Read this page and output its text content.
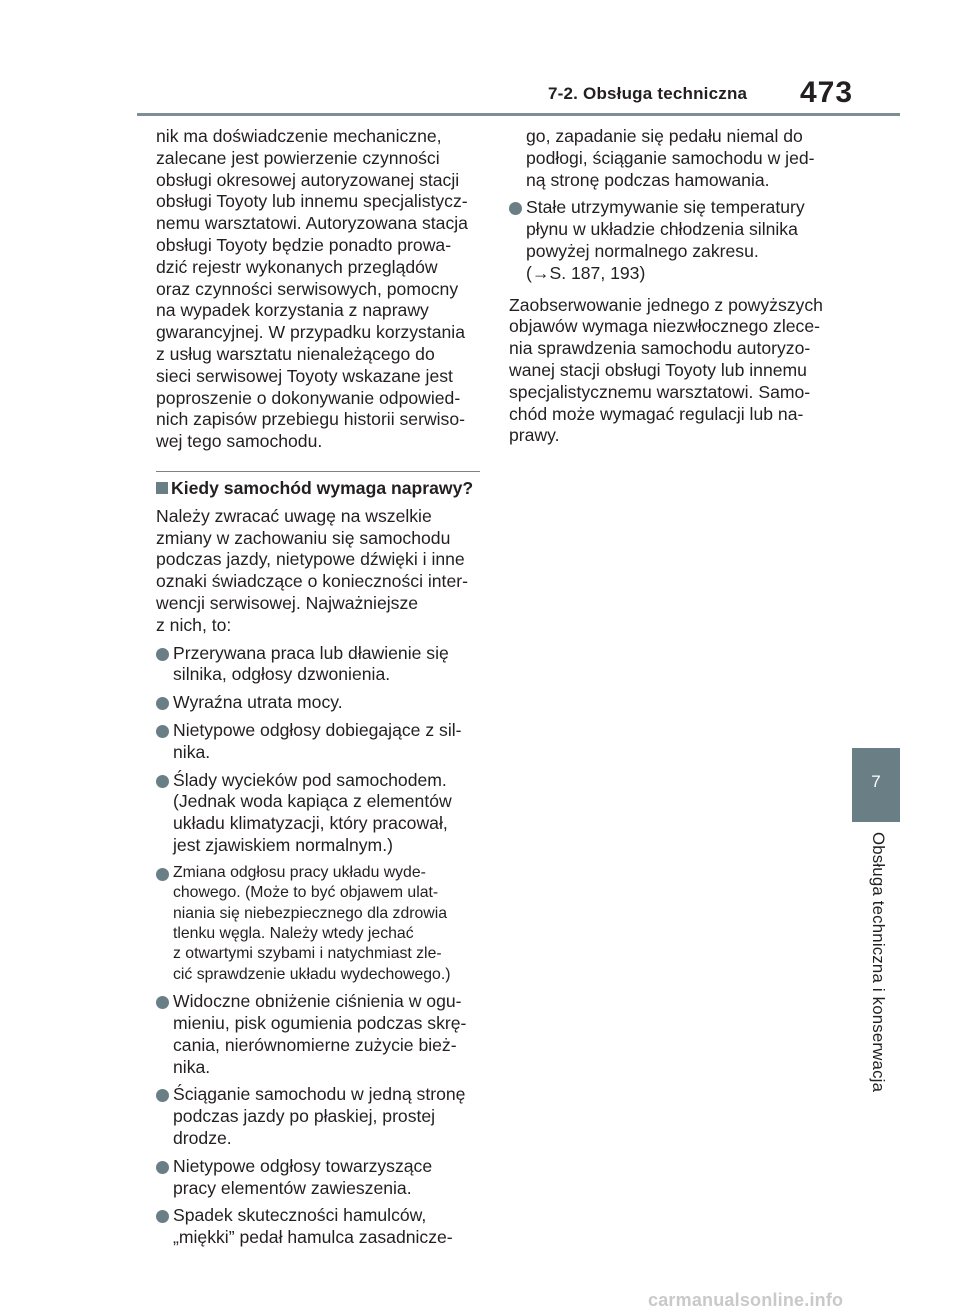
7-2. Obsługa techniczna 473
nik ma doświadczenie mechaniczne,
zalecane jest powierzenie czynności
obsługi okresowej autoryzowanej stacji
obsługi Toyoty lub innemu specjalistycz-
nemu warsztatowi. Autoryzowana stacja
obsługi Toyoty będzie ponadto prowa-
dzić rejestr wykonanych przeglądów
oraz czynności serwisowych, pomocny
na wypadek korzystania z naprawy
gwarancyjnej. W przypadku korzystania
z usług warsztatu nienależącego do
sieci serwisowej Toyoty wskazane jest
poproszenie o dokonywanie odpowied-
nich zapisów przebiegu historii serwiso-
wej tego samochodu.
Kiedy samochód wymaga naprawy?
Należy zwracać uwagę na wszelkie
zmiany w zachowaniu się samochodu
podczas jazdy, nietypowe dźwięki i inne
oznaki świadczące o konieczności inter-
wencji serwisowej. Najważniejsze
z nich, to:
Przerywana praca lub dławienie się
silnika, odgłosy dzwonienia.
Wyraźna utrata mocy.
Nietypowe odgłosy dobiegające z sil-
nika.
Ślady wycieków pod samochodem.
(Jednak woda kapiąca z elementów
układu klimatyzacji, który pracował,
jest zjawiskiem normalnym.)
Zmiana odgłosu pracy układu wyde-
chowego. (Może to być objawem ulat-
niania się niebezpiecznego dla zdrowia
tlenku węgla. Należy wtedy jechać
z otwartymi szybami i natychmiast zle-
cić sprawdzenie układu wydechowego.)
Widoczne obniżenie ciśnienia w ogu-
mieniu, pisk ogumienia podczas skrę-
cania, nierównomierne zużycie bież-
nika.
Ściąganie samochodu w jedną stronę
podczas jazdy po płaskiej, prostej
drodze.
Nietypowe odgłosy towarzyszące
pracy elementów zawieszenia.
Spadek skuteczności hamulców,
„miękki” pedał hamulca zasadnicze-
go, zapadanie się pedału niemal do
podłogi, ściąganie samochodu w jed-
ną stronę podczas hamowania.
Stałe utrzymywanie się temperatury
płynu w układzie chłodzenia silnika
powyżej normalnego zakresu.
(→S. 187, 193)
Zaobserwowanie jednego z powyższych
objawów wymaga niezwłocznego zlece-
nia sprawdzenia samochodu autoryzo-
wanej stacji obsługi Toyoty lub innemu
specjalistycznemu warsztatowi. Samo-
chód może wymagać regulacji lub na-
prawy.
7
Obsługa techniczna i konserwacja
carmanualsonline.info
